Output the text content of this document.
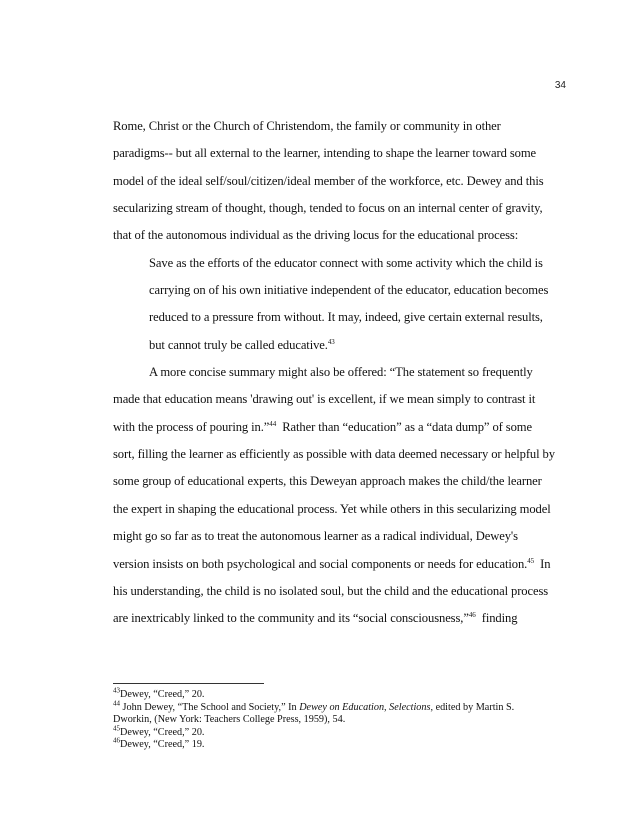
34
Rome, Christ or the Church of Christendom, the family or community in other
paradigms-- but all external to the learner, intending to shape the learner toward some
model of the ideal self/soul/citizen/ideal member of the workforce, etc. Dewey and this
secularizing stream of thought, though, tended to focus on an internal center of gravity,
that of the autonomous individual as the driving locus for the educational process:
Save as the efforts of the educator connect with some activity which the child is
carrying on of his own initiative independent of the educator, education becomes
reduced to a pressure from without. It may, indeed, give certain external results,
but cannot truly be called educative.$^{43}$
A more concise summary might also be offered: “The statement so frequently
made that education means 'drawing out' is excellent, if we mean simply to contrast it
with the process of pouring in.”$^{44}$  Rather than “education” as a “data dump” of some
sort, filling the learner as efficiently as possible with data deemed necessary or helpful by
some group of educational experts, this Deweyan approach makes the child/the learner
the expert in shaping the educational process. Yet while others in this secularizing model
might go so far as to treat the autonomous learner as a radical individual, Dewey's
version insists on both psychological and social components or needs for education.$^{45}$  In
his understanding, the child is no isolated soul, but the child and the educational process
are inextricably linked to the community and its “social consciousness,”$^{46}$  finding
$^{43}$Dewey, “Creed,” 20.
$^{44}$ John Dewey, “The School and Society,” In Dewey on Education, Selections, edited by Martin S.
Dworkin, (New York: Teachers College Press, 1959), 54.
$^{45}$Dewey, “Creed,” 20.
$^{46}$Dewey, “Creed,” 19.
